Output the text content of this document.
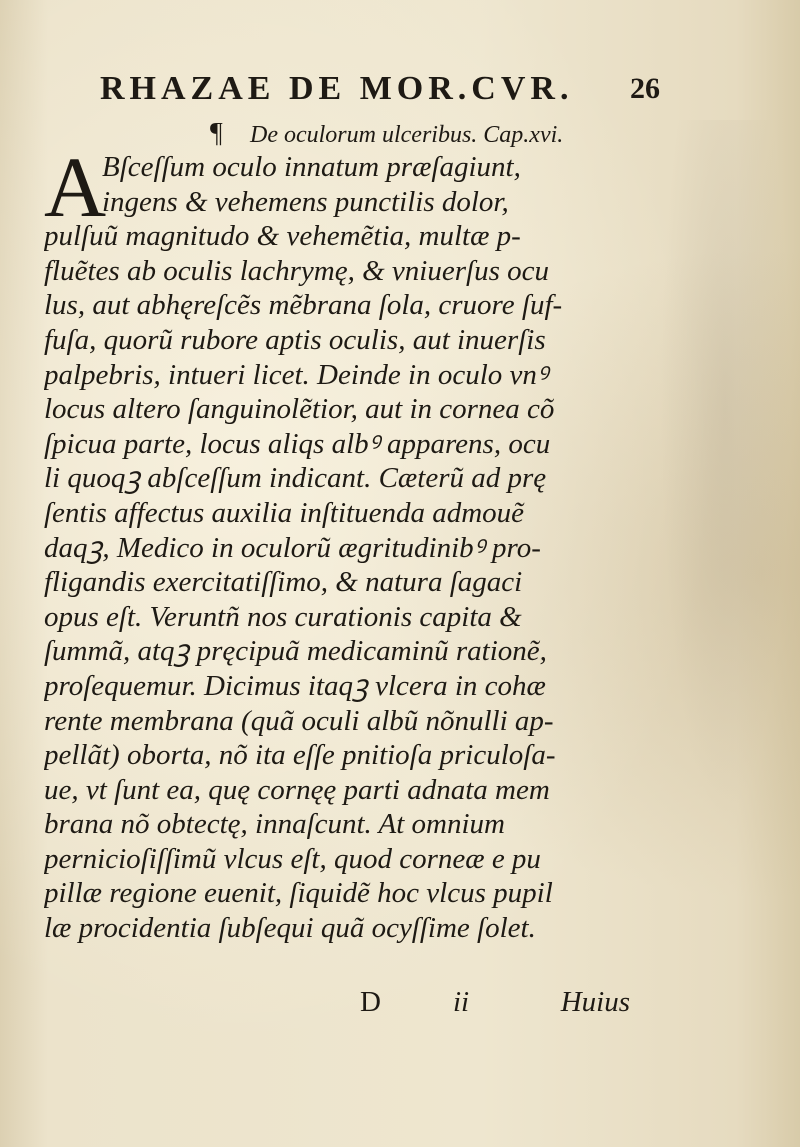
RHAZAE DE MOR.CVR. 26
¶ De oculorum ulceribus. Cap.xvi.
A
Bſceſſum oculo innatum præſagiunt,
ingens & vehemens punctilis dolor,
pulſuũ magnitudo & vehemẽtia, multæ p-
fluẽtes ab oculis lachrymę, & vniuerſus ocu
lus, aut abhęreſcẽs mẽbrana ſola, cruore ſuf-
fuſa, quorũ rubore aptis oculis, aut inuerſis
palpebris, intueri licet. Deinde in oculo vnꝰ
locus altero ſanguinolẽtior, aut in cornea cõ
ſpicua parte, locus aliqs albꝰ apparens, ocu
li quoqꝫ abſceſſum indicant. Cæterũ ad prę
ſentis affectus auxilia inſtituenda admouẽ
daqꝫ, Medico in oculorũ ægritudinibꝰ pro-
fligandis exercitatiſſimo, & natura ſagaci
opus eſt. Veruntñ nos curationis capita &
ſummã, atqꝫ pręcipuã medicaminũ rationẽ,
proſequemur. Dicimus itaqꝫ vlcera in cohæ
rente membrana (quã oculi albũ nõnulli ap-
pellãt) oborta, nõ ita eſſe pnitioſa priculoſa-
ue, vt ſunt ea, quę cornęę parti adnata mem
brana nõ obtectę, innaſcunt. At omnium
pernicioſiſſimũ vlcus eſt, quod corneæ e pu
pillæ regione euenit, ſiquidẽ hoc vlcus pupil
læ procidentia ſubſequi quã ocyſſime ſolet.
D ii	Huius
